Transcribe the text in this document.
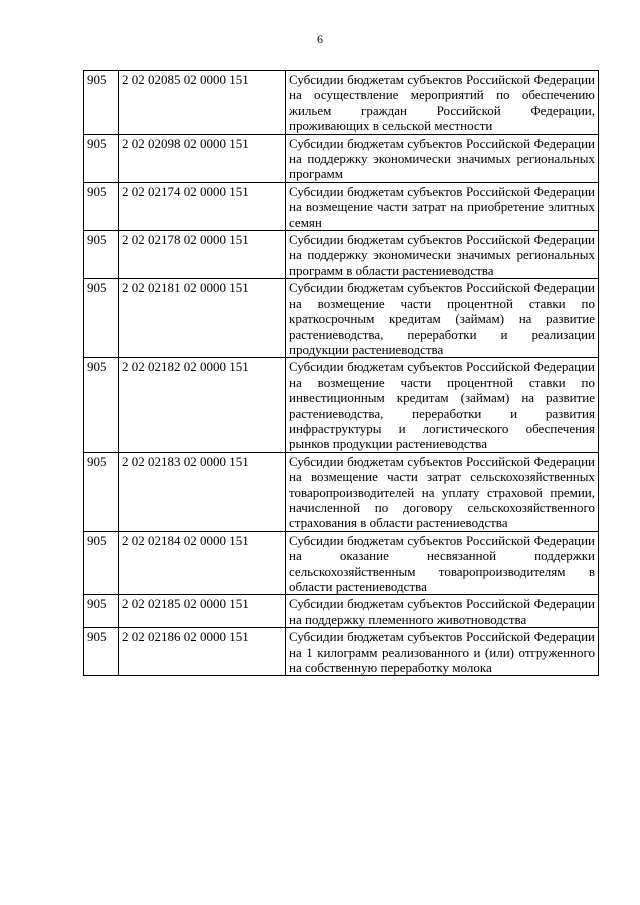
6
905	2 02 02085 02 0000 151	Субсидии бюджетам субъектов Российской Федерации на осуществление мероприятий по обеспечению жильем граждан Российской Федерации, проживающих в сельской местности
905	2 02 02098 02 0000 151	Субсидии бюджетам субъектов Российской Федерации на поддержку экономически значимых региональных программ
905	2 02 02174 02 0000 151	Субсидии бюджетам субъектов Российской Федерации на возмещение части затрат на приобретение элитных семян
905	2 02 02178 02 0000 151	Субсидии бюджетам субъектов Российской Федерации на поддержку экономически значимых региональных программ в области растениеводства
905	2 02 02181 02 0000 151	Субсидии бюджетам субъектов Российской Федерации на возмещение части процентной ставки по краткосрочным кредитам (займам) на развитие растениеводства, переработки и реализации продукции растениеводства
905	2 02 02182 02 0000 151	Субсидии бюджетам субъектов Российской Федерации на возмещение части процентной ставки по инвестиционным кредитам (займам) на развитие растениеводства, переработки и развития инфраструктуры и логистического обеспечения рынков продукции растениеводства
905	2 02 02183 02 0000 151	Субсидии бюджетам субъектов Российской Федерации на возмещение части затрат сельскохозяйственных товаропроизводителей на уплату страховой премии, начисленной по договору сельскохозяйственного страхования в области растениеводства
905	2 02 02184 02 0000 151	Субсидии бюджетам субъектов Российской Федерации на оказание несвязанной поддержки сельскохозяйственным товаропроизводителям в области растениеводства
905	2 02 02185 02 0000 151	Субсидии бюджетам субъектов Российской Федерации на поддержку племенного животноводства
905	2 02 02186 02 0000 151	Субсидии бюджетам субъектов Российской Федерации на 1 килограмм реализованного и (или) отгруженного на собственную переработку молока
